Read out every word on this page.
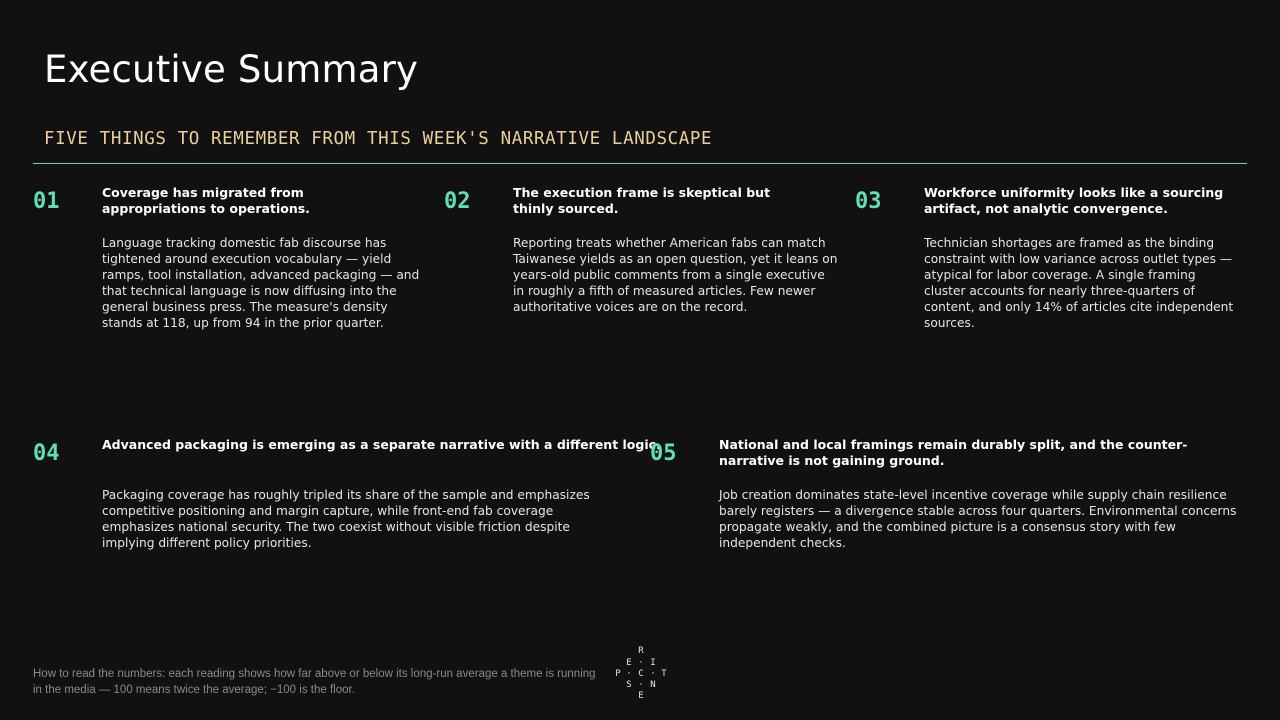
Executive Summary
FIVE THINGS TO REMEMBER FROM THIS WEEK'S NARRATIVE LANDSCAPE
01	Coverage has migrated from appropriations to operations.
Language tracking domestic fab discourse has tightened around execution vocabulary — yield ramps, tool installation, advanced packaging — and that technical language is now diffusing into the general business press. The measure's density stands at 118, up from 94 in the prior quarter.
02	The execution frame is skeptical but thinly sourced.
Reporting treats whether American fabs can match Taiwanese yields as an open question, yet it leans on years-old public comments from a single executive in roughly a fifth of measured articles. Few newer authoritative voices are on the record.
03	Workforce uniformity looks like a sourcing artifact, not analytic convergence.
Technician shortages are framed as the binding constraint with low variance across outlet types — atypical for labor coverage. A single framing cluster accounts for nearly three-quarters of content, and only 14% of articles cite independent sources.
04	Advanced packaging is emerging as a separate narrative with a different logic.
Packaging coverage has roughly tripled its share of the sample and emphasizes competitive positioning and margin capture, while front-end fab coverage emphasizes national security. The two coexist without visible friction despite implying different policy priorities.
05	National and local framings remain durably split, and the counter-narrative is not gaining ground.
Job creation dominates state-level incentive coverage while supply chain resilience barely registers — a divergence stable across four quarters. Environmental concerns propagate weakly, and the combined picture is a consensus story with few independent checks.
How to read the numbers: each reading shows how far above or below its long-run average a theme is running in the media — 100 means twice the average; −100 is the floor.
R
E · I
P · C · T
S · N
E
